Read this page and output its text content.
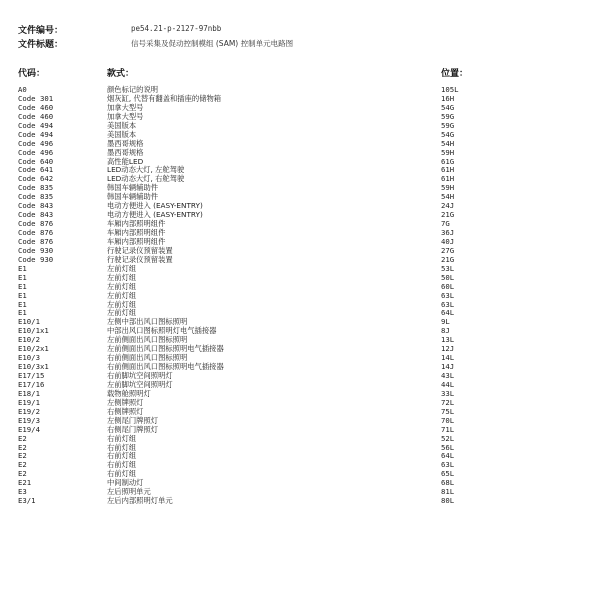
文件编号：	pe54.21-p-2127-97nbb
文件标题：	信号采集及促动控制模组 (SAM) 控制单元电路图
代码：	款式：	位置：
A0	颜色标记的说明	105L
Code 301	烟灰缸, 代替有翻盖和插座的储物箱	16H
Code 460	加拿大型号	54G
Code 460	加拿大型号	59G
Code 494	美国版本	59G
Code 494	美国版本	54G
Code 496	墨西哥规格	54H
Code 496	墨西哥规格	59H
Code 640	高性能LED	61G
Code 641	LED动态大灯, 左舵驾驶	61H
Code 642	LED动态大灯, 右舵驾驶	61H
Code 835	韩国车辆辅助件	59H
Code 835	韩国车辆辅助件	54H
Code 843	电动方便进入 (EASY-ENTRY)	24J
Code 843	电动方便进入 (EASY-ENTRY)	21G
Code 876	车厢内部照明组件	7G
Code 876	车厢内部照明组件	36J
Code 876	车厢内部照明组件	40J
Code 930	行驶记录仪预留装置	27G
Code 930	行驶记录仪预留装置	21G
E1	左前灯组	53L
E1	左前灯组	50L
E1	左前灯组	60L
E1	左前灯组	63L
E1	左前灯组	63L
E1	左前灯组	64L
E10/1	左侧中部出风口图标照明	9L
E10/1x1	中部出风口图标照明灯电气插接器	8J
E10/2	左前侧面出风口图标照明	13L
E10/2x1	左前侧面出风口图标照明电气插接器	12J
E10/3	右前侧面出风口图标照明	14L
E10/3x1	右前侧面出风口图标照明电气插接器	14J
E17/15	右前脚坑空间照明灯	43L
E17/16	左前脚坑空间照明灯	44L
E18/1	载物舱照明灯	33L
E19/1	左侧牌照灯	72L
E19/2	右侧牌照灯	75L
E19/3	左侧尾门牌照灯	70L
E19/4	右侧尾门牌照灯	71L
E2	右前灯组	52L
E2	右前灯组	56L
E2	右前灯组	64L
E2	右前灯组	63L
E2	右前灯组	65L
E21	中间制动灯	68L
E3	左后照明单元	81L
E3/1	左后内部照明灯单元	80L
